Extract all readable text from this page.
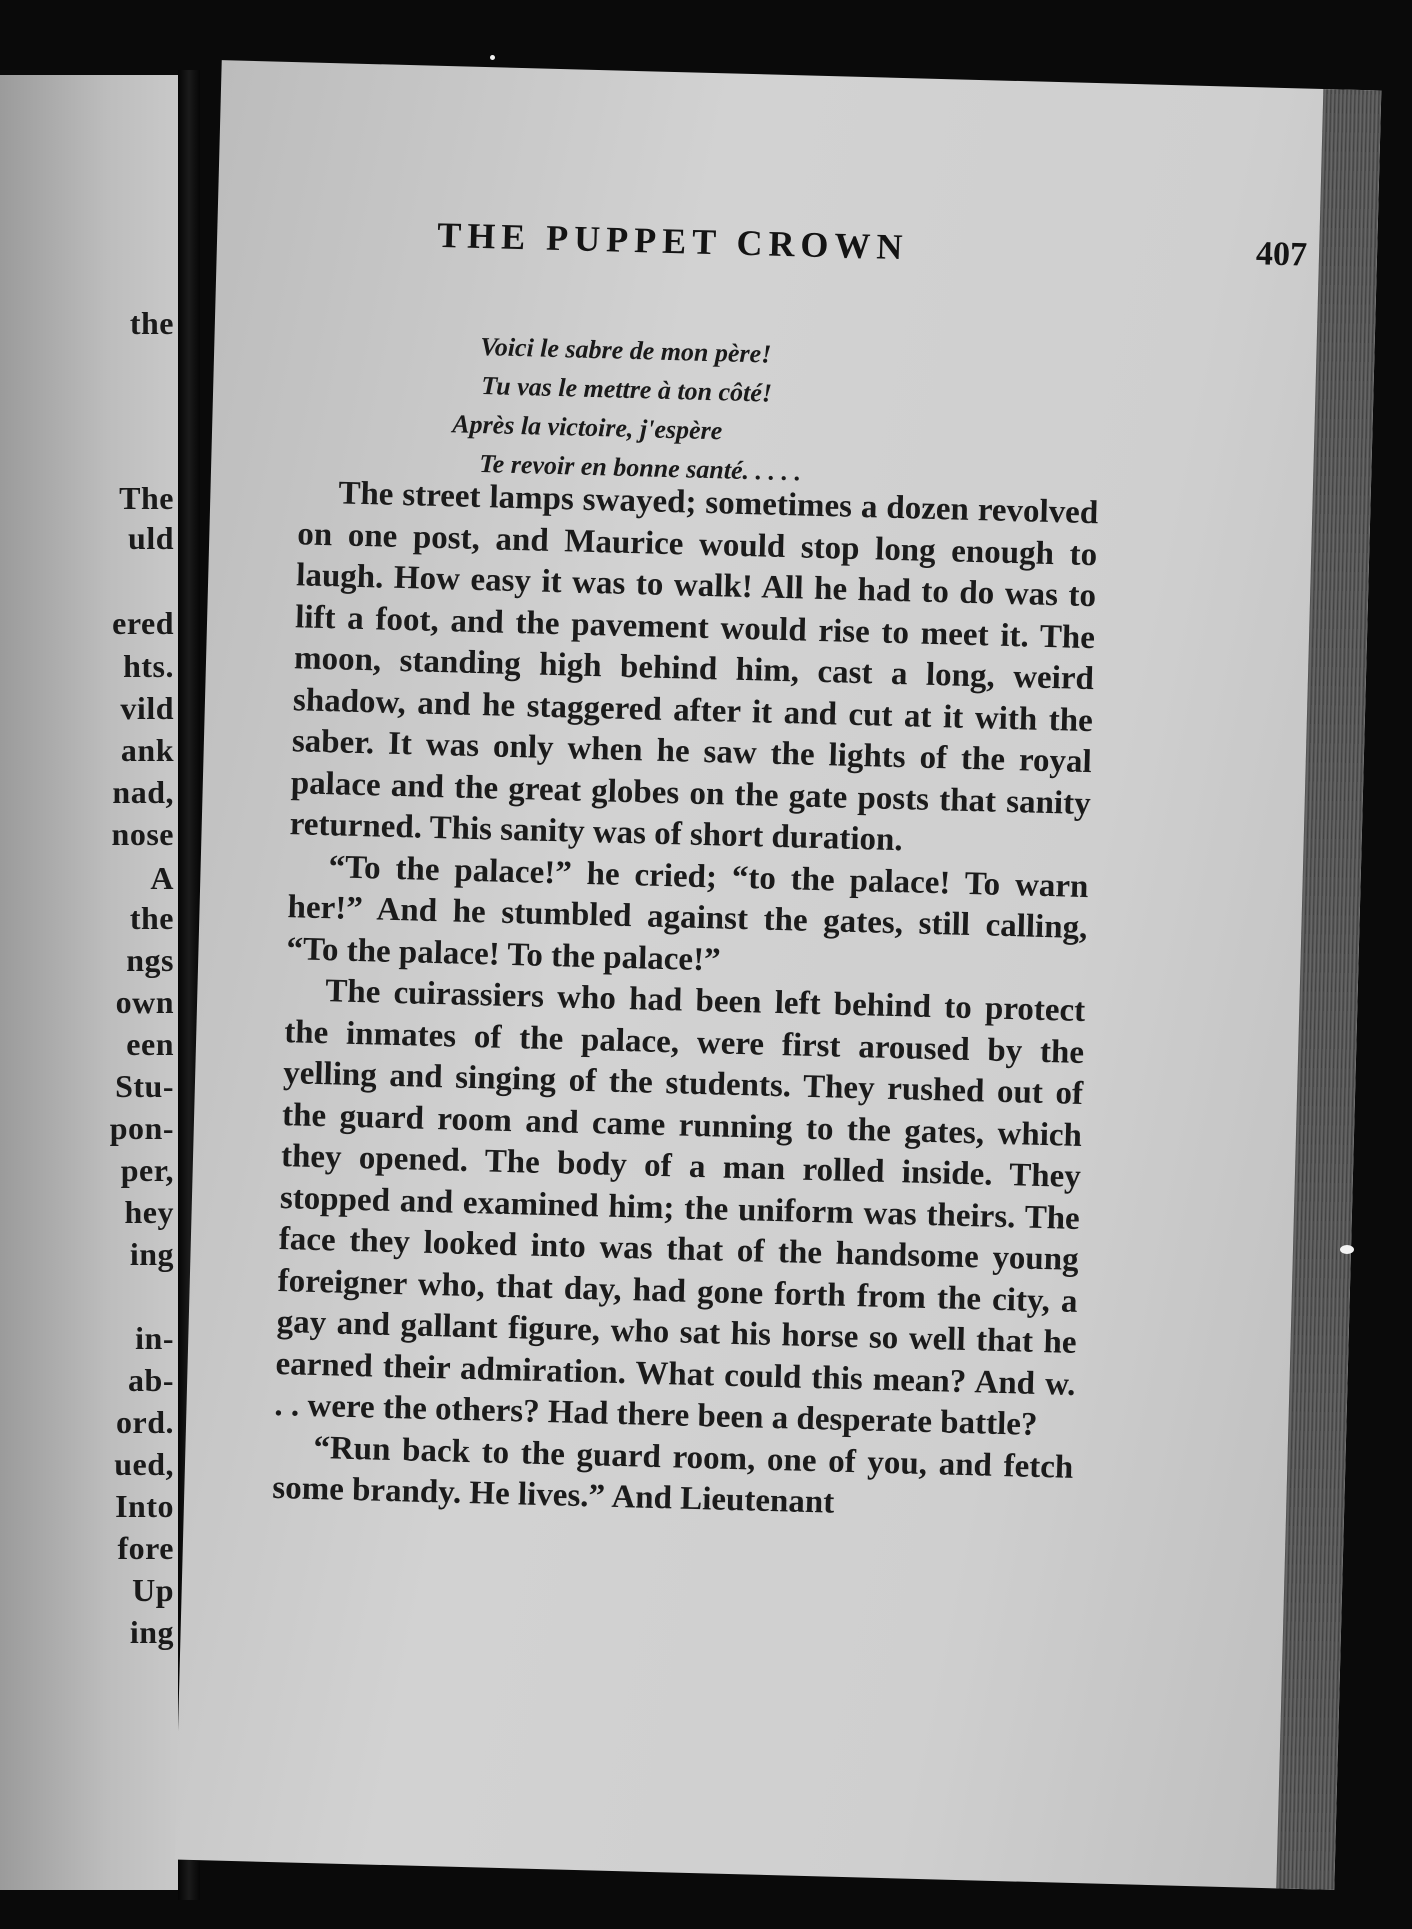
the
The
uld
ered
hts.
vild
ank
nad,
nose
A
the
ngs
own
een
Stu-
pon-
per,
hey
ing
in-
ab-
ord.
ued,
Into
fore
Up
ing
THE PUPPET CROWN	407
Voici le sabre de mon père!
Tu vas le mettre à ton côté!
Après la victoire, j'espère
Te revoir en bonne santé. . . . .

The street lamps swayed; sometimes a dozen revolved on one post, and Maurice would stop long enough to laugh. How easy it was to walk! All he had to do was to lift a foot, and the pavement would rise to meet it. The moon, standing high behind him, cast a long, weird shadow, and he staggered after it and cut at it with the saber. It was only when he saw the lights of the royal palace and the great globes on the gate posts that sanity returned. This sanity was of short duration.

“To the palace!” he cried; “to the palace! To warn her!” And he stumbled against the gates, still calling, “To the palace! To the palace!”

The cuirassiers who had been left behind to protect the inmates of the palace, were first aroused by the yelling and singing of the students. They rushed out of the guard room and came running to the gates, which they opened. The body of a man rolled inside. They stopped and examined him; the uniform was theirs. The face they looked into was that of the handsome young foreigner who, that day, had gone forth from the city, a gay and gallant figure, who sat his horse so well that he earned their admiration. What could this mean? And w. . . were the others? Had there been a desperate battle?

“Run back to the guard room, one of you, and fetch some brandy. He lives.” And Lieutenant
